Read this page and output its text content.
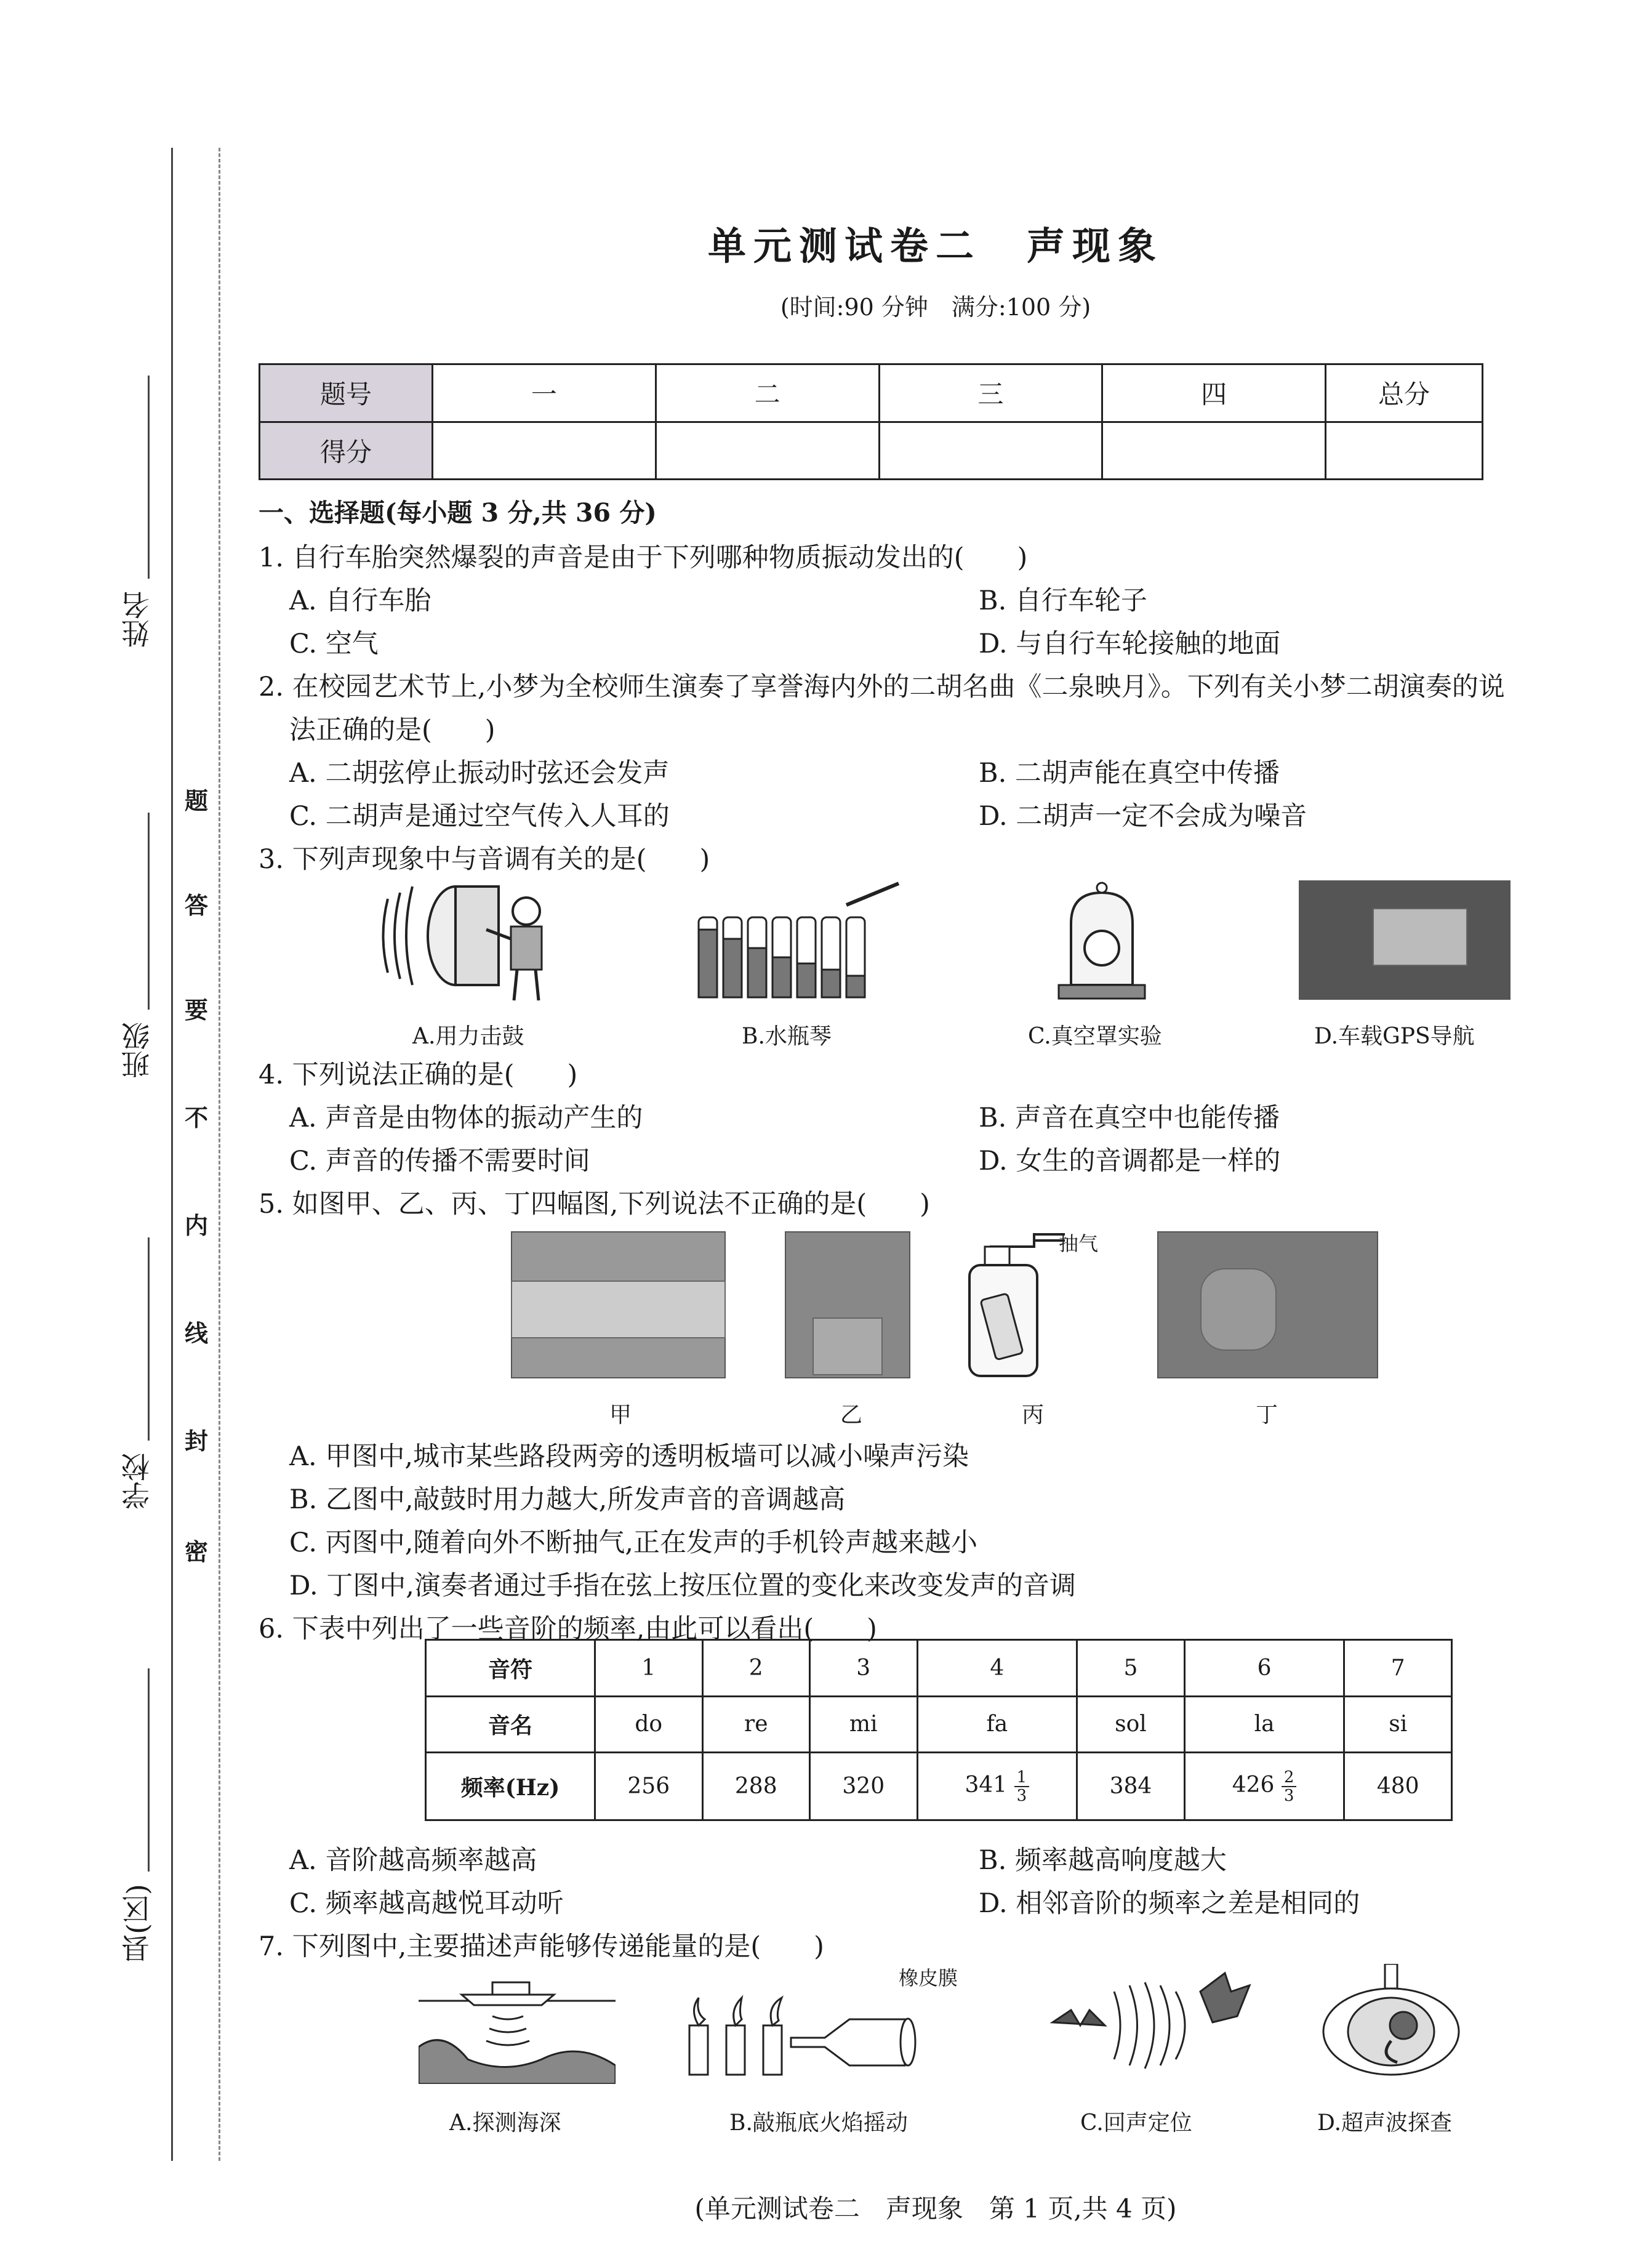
姓名
班级
学校
县(区)
题
答
要
不
内
线
封
密
单元测试卷二　声现象
(时间:90 分钟　满分:100 分)
题号	一	二	三	四	总分
得分					
一、选择题(每小题 3 分,共 36 分)
1. 自行车胎突然爆裂的声音是由于下列哪种物质振动发出的(　　)
A. 自行车胎	B. 自行车轮子
C. 空气	D. 与自行车轮接触的地面
2. 在校园艺术节上,小梦为全校师生演奏了享誉海内外的二胡名曲《二泉映月》。下列有关小梦二胡演奏的说
法正确的是(　　)
A. 二胡弦停止振动时弦还会发声	B. 二胡声能在真空中传播
C. 二胡声是通过空气传入人耳的	D. 二胡声一定不会成为噪音
3. 下列声现象中与音调有关的是(　　)
A.用力击鼓	B.水瓶琴	C.真空罩实验	D.车载GPS导航
4. 下列说法正确的是(　　)
A. 声音是由物体的振动产生的	B. 声音在真空中也能传播
C. 声音的传播不需要时间	D. 女生的音调都是一样的
5. 如图甲、乙、丙、丁四幅图,下列说法不正确的是(　　)
甲	乙
抽气
丙	丁
A. 甲图中,城市某些路段两旁的透明板墙可以减小噪声污染
B. 乙图中,敲鼓时用力越大,所发声音的音调越高
C. 丙图中,随着向外不断抽气,正在发声的手机铃声越来越小
D. 丁图中,演奏者通过手指在弦上按压位置的变化来改变发声的音调
6. 下表中列出了一些音阶的频率,由此可以看出(　　)
音符	1	2	3	4	5	6	7
音名	do	re	mi	fa	sol	la	si
频率(Hz)	256	288	320	$341 \frac{1}{3}$	384	$426 \frac{2}{3}$	480
A. 音阶越高频率越高	B. 频率越高响度越大
C. 频率越高越悦耳动听	D. 相邻音阶的频率之差是相同的
7. 下列图中,主要描述声能够传递能量的是(　　)
A.探测海深
橡皮膜
B.敲瓶底火焰摇动	C.回声定位	D.超声波探查
(单元测试卷二　声现象　第 1 页,共 4 页)
